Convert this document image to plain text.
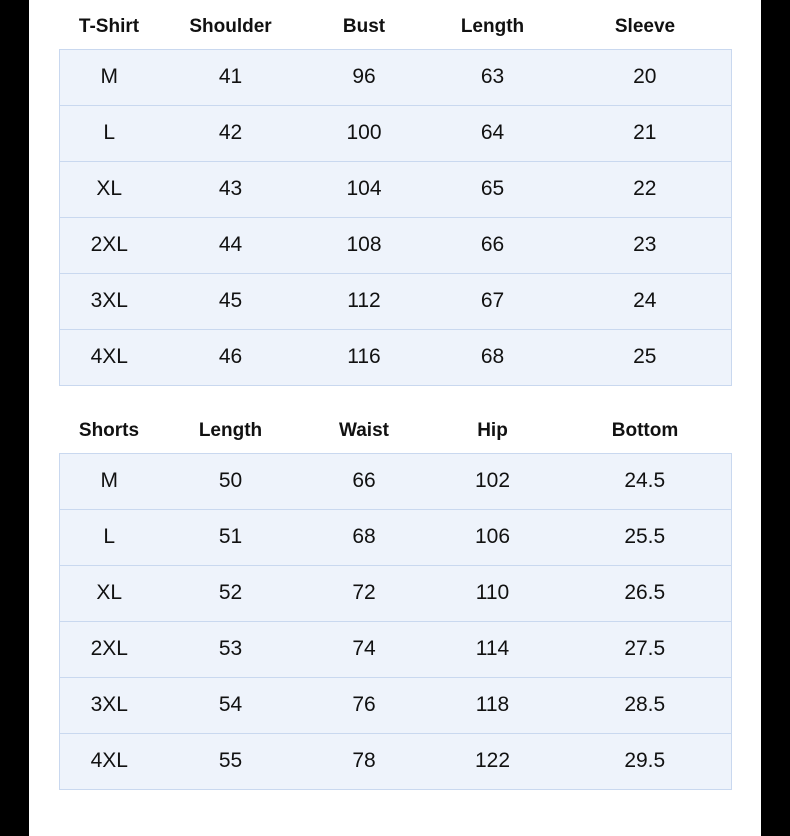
T-Shirt	Shoulder	Bust	Length	Sleeve
M	41	96	63	20
L	42	100	64	21
XL	43	104	65	22
2XL	44	108	66	23
3XL	45	112	67	24
4XL	46	116	68	25
Shorts	Length	Waist	Hip	Bottom
M	50	66	102	24.5
L	51	68	106	25.5
XL	52	72	110	26.5
2XL	53	74	114	27.5
3XL	54	76	118	28.5
4XL	55	78	122	29.5
